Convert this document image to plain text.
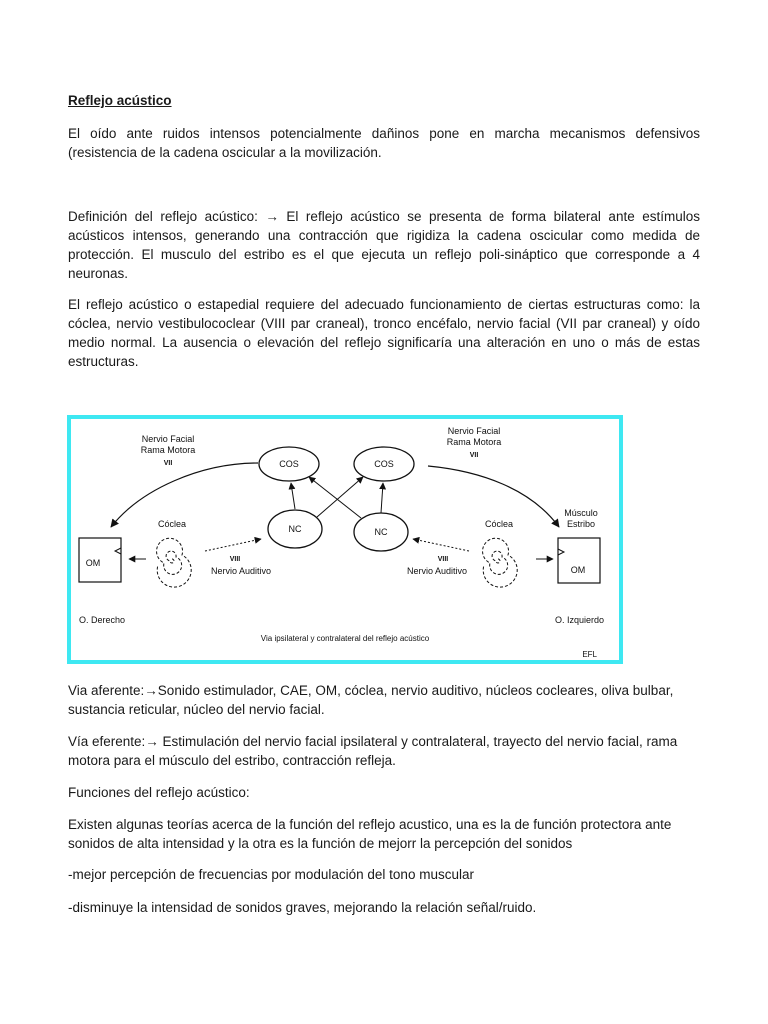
Reflejo acústico

El oído ante ruidos intensos potencialmente dañinos pone en marcha mecanismos defensivos (resistencia de la cadena oscicular a la movilización.

Definición del reflejo acústico: → El reflejo acústico se presenta de forma bilateral ante estímulos acústicos intensos, generando una contracción que rigidiza la cadena oscicular como medida de protección. El musculo del estribo es el que ejecuta un reflejo poli-sináptico que corresponde a 4 neuronas.

El reflejo acústico o estapedial requiere del adecuado funcionamiento de ciertas estructuras como: la cóclea, nervio vestibulococlear (VIII par craneal), tronco encéfalo, nervio facial (VII par craneal) y oído medio normal. La ausencia o elevación del reflejo significaría una alteración en uno o más de estas estructuras.

Nervio Facial
Rama Motora
VII
Nervio Facial
Rama Motora
VII
COS	COS
NC	NC
OM
OM
Músculo
Estribo
Cóclea	Cóclea
VIII
Nervio Auditivo
VIII
Nervio Auditivo
O. Derecho	O. Izquierdo
Via ipsilateral y contralateral del reflejo acústico
EFL

Via aferente:→Sonido estimulador, CAE, OM, cóclea, nervio auditivo, núcleos cocleares, oliva bulbar, sustancia reticular, núcleo del nervio facial.

Vía eferente:→ Estimulación del nervio facial ipsilateral y contralateral, trayecto del nervio facial, rama motora para el músculo del estribo, contracción refleja.

Funciones del reflejo acústico:

Existen algunas teorías acerca de la función del reflejo acustico, una es la de función protectora ante sonidos de alta intensidad y la otra es la función de mejorr la percepción del sonidos

-mejor percepción de frecuencias por modulación del tono muscular

-disminuye la intensidad de sonidos graves, mejorando la relación señal/ruido.
